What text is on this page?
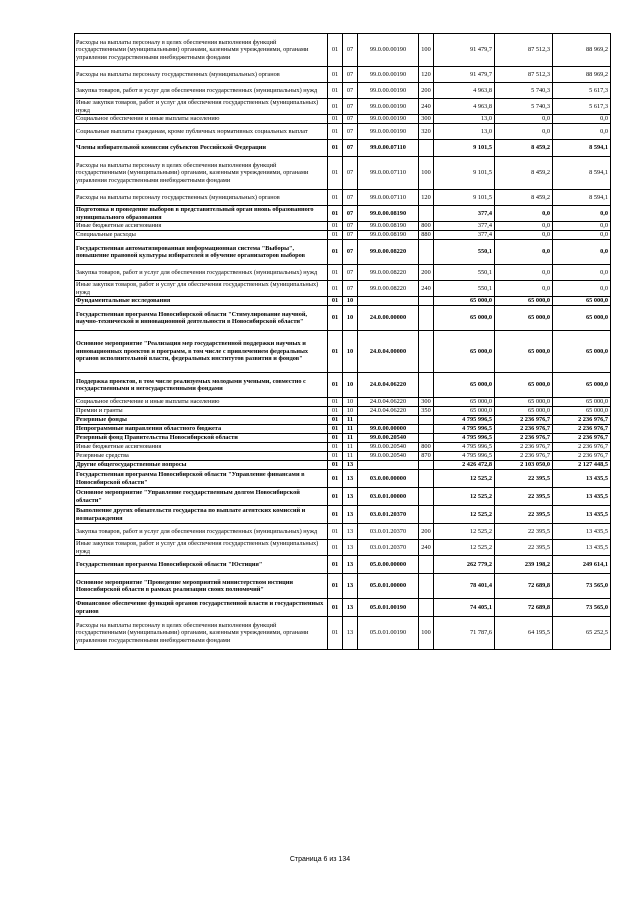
Расходы на выплаты персоналу в целях обеспечения выполнения функций государственными (муниципальными) органами, казенными учреждениями, органами управления государственными внебюджетными фондами	01	07	99.0.00.00190	100	91 479,7	87 512,3	88 969,2
Расходы на выплаты персоналу государственных (муниципальных) органов	01	07	99.0.00.00190	120	91 479,7	87 512,3	88 969,2
Закупка товаров, работ и услуг для обеспечения государственных (муниципальных) нужд	01	07	99.0.00.00190	200	4 963,8	5 740,3	5 617,3
Иные закупки товаров, работ и услуг для обеспечения государственных (муниципальных) нужд	01	07	99.0.00.00190	240	4 963,8	5 740,3	5 617,3
Социальное обеспечение и иные выплаты населению	01	07	99.0.00.00190	300	13,0	0,0	0,0
Социальные выплаты гражданам, кроме публичных нормативных социальных выплат	01	07	99.0.00.00190	320	13,0	0,0	0,0
Члены избирательной комиссии субъектов Российской Федерации	01	07	99.0.00.07110		9 101,5	8 459,2	8 594,1
Расходы на выплаты персоналу в целях обеспечения выполнения функций государственными (муниципальными) органами, казенными учреждениями, органами управления государственными внебюджетными фондами	01	07	99.0.00.07110	100	9 101,5	8 459,2	8 594,1
Расходы на выплаты персоналу государственных (муниципальных) органов	01	07	99.0.00.07110	120	9 101,5	8 459,2	8 594,1
Подготовка и проведение выборов в представительный орган вновь образованного муниципального образования	01	07	99.0.00.08190		377,4	0,0	0,0
Иные бюджетные ассигнования	01	07	99.0.00.08190	800	377,4	0,0	0,0
Специальные расходы	01	07	99.0.00.08190	880	377,4	0,0	0,0
Государственная автоматизированная информационная система "Выборы", повышение правовой культуры избирателей и обучение организаторов выборов	01	07	99.0.00.08220		550,1	0,0	0,0
Закупка товаров, работ и услуг для обеспечения государственных (муниципальных) нужд	01	07	99.0.00.08220	200	550,1	0,0	0,0
Иные закупки товаров, работ и услуг для обеспечения государственных (муниципальных) нужд	01	07	99.0.00.08220	240	550,1	0,0	0,0
Фундаментальные исследования	01	10			65 000,0	65 000,0	65 000,0
Государственная программа Новосибирской области "Стимулирование научной, научно-технической и инновационной деятельности в Новосибирской области"	01	10	24.0.00.00000		65 000,0	65 000,0	65 000,0
Основное мероприятие "Реализация мер государственной поддержки научных и инновационных проектов и программ, в том числе с привлечением федеральных органов исполнительной власти, федеральных институтов развития и фондов"	01	10	24.0.04.00000		65 000,0	65 000,0	65 000,0
Поддержка проектов, в том числе реализуемых молодыми учеными, совместно с государственными и негосударственными фондами	01	10	24.0.04.06220		65 000,0	65 000,0	65 000,0
Социальное обеспечение и иные выплаты населению	01	10	24.0.04.06220	300	65 000,0	65 000,0	65 000,0
Премии и гранты	01	10	24.0.04.06220	350	65 000,0	65 000,0	65 000,0
Резервные фонды	01	11			4 795 996,5	2 236 976,7	2 236 976,7
Непрограммные направления областного бюджета	01	11	99.0.00.00000		4 795 996,5	2 236 976,7	2 236 976,7
Резервный фонд Правительства Новосибирской области	01	11	99.0.00.20540		4 795 996,5	2 236 976,7	2 236 976,7
Иные бюджетные ассигнования	01	11	99.0.00.20540	800	4 795 996,5	2 236 976,7	2 236 976,7
Резервные средства	01	11	99.0.00.20540	870	4 795 996,5	2 236 976,7	2 236 976,7
Другие общегосударственные вопросы	01	13			2 426 472,8	2 103 050,0	2 127 448,5
Государственная программа Новосибирской области "Управление финансами в Новосибирской области"	01	13	03.0.00.00000		12 525,2	22 395,5	13 435,5
Основное мероприятие "Управление государственным долгом Новосибирской области"	01	13	03.0.01.00000		12 525,2	22 395,5	13 435,5
Выполнение других обязательств государства по выплате агентских комиссий и вознаграждения	01	13	03.0.01.20370		12 525,2	22 395,5	13 435,5
Закупка товаров, работ и услуг для обеспечения государственных (муниципальных) нужд	01	13	03.0.01.20370	200	12 525,2	22 395,5	13 435,5
Иные закупки товаров, работ и услуг для обеспечения государственных (муниципальных) нужд	01	13	03.0.01.20370	240	12 525,2	22 395,5	13 435,5
Государственная программа Новосибирской области "Юстиция"	01	13	05.0.00.00000		262 779,2	239 198,2	249 614,1
Основное мероприятие "Проведение мероприятий министерством юстиции Новосибирской области в рамках реализации своих полномочий"	01	13	05.0.01.00000		78 401,4	72 689,8	73 565,0
Финансовое обеспечение функций органов государственной власти и государственных органов	01	13	05.0.01.00190		74 405,1	72 689,8	73 565,0
Расходы на выплаты персоналу в целях обеспечения выполнения функций государственными (муниципальными) органами, казенными учреждениями, органами управления государственными внебюджетными фондами	01	13	05.0.01.00190	100	71 787,6	64 195,5	65 252,5
Страница 6 из 134
